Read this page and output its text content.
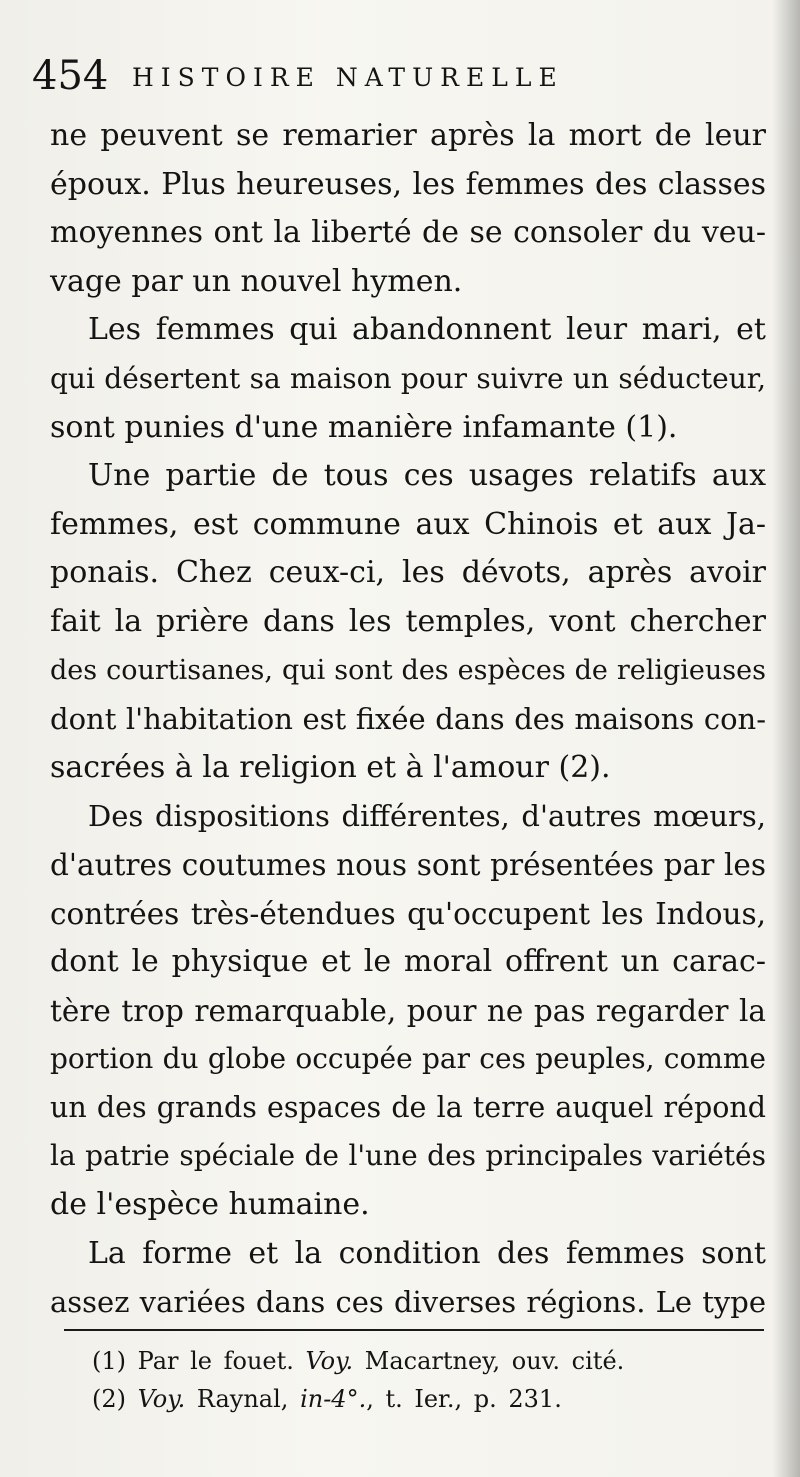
454 HISTOIRE NATURELLE
ne peuvent se remarier après la mort de leur
époux. Plus heureuses, les femmes des classes
moyennes ont la liberté de se consoler du veu-
vage par un nouvel hymen.
Les femmes qui abandonnent leur mari, et
qui désertent sa maison pour suivre un séducteur,
sont punies d'une manière infamante (1).
Une partie de tous ces usages relatifs aux
femmes, est commune aux Chinois et aux Ja-
ponais. Chez ceux-ci, les dévots, après avoir
fait la prière dans les temples, vont chercher
des courtisanes, qui sont des espèces de religieuses
dont l'habitation est fixée dans des maisons con-
sacrées à la religion et à l'amour (2).
Des dispositions différentes, d'autres mœurs,
d'autres coutumes nous sont présentées par les
contrées très-étendues qu'occupent les Indous,
dont le physique et le moral offrent un carac-
tère trop remarquable, pour ne pas regarder la
portion du globe occupée par ces peuples, comme
un des grands espaces de la terre auquel répond
la patrie spéciale de l'une des principales variétés
de l'espèce humaine.
La forme et la condition des femmes sont
assez variées dans ces diverses régions. Le type
(1) Par le fouet. Voy. Macartney, ouv. cité.
(2) Voy. Raynal, in-4°., t. Ier., p. 231.
